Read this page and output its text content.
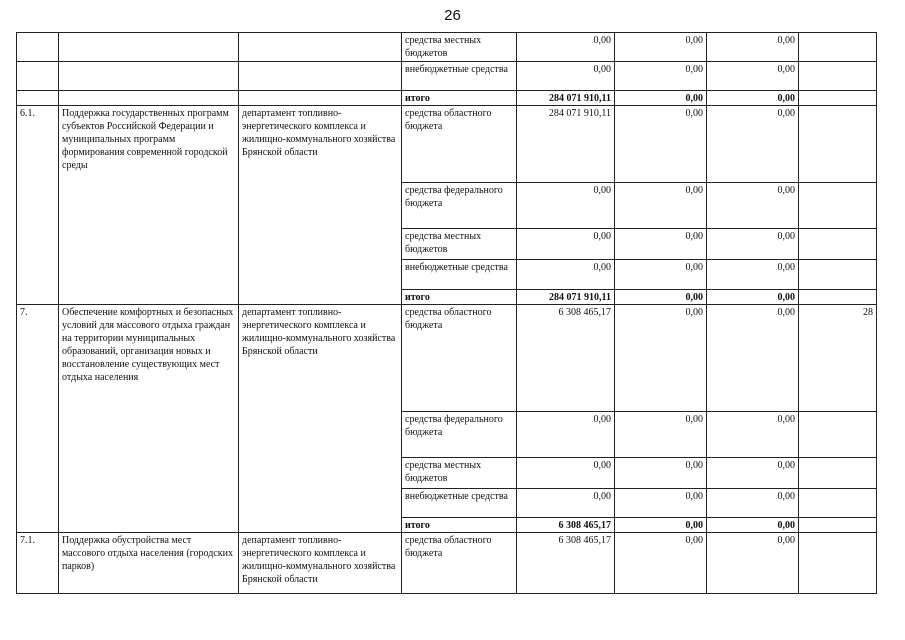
26
			средства местных бюджетов	0,00	0,00	0,00	
			внебюджетные средства	0,00	0,00	0,00	
			итого	284 071 910,11	0,00	0,00	
6.1.	Поддержка государственных программ субъектов Российской Федерации и муниципальных программ формирования современной городской среды	департамент топливно-энергетического комплекса и жилищно-коммунального хозяйства Брянской области	средства областного бюджета	284 071 910,11	0,00	0,00	
			средства федерального бюджета	0,00	0,00	0,00	
			средства местных бюджетов	0,00	0,00	0,00	
			внебюджетные средства	0,00	0,00	0,00	
			итого	284 071 910,11	0,00	0,00	
7.	Обеспечение комфортных и безопасных условий для массового отдыха граждан на территории муниципальных образований, организация новых и восстановление существующих мест отдыха населения	департамент топливно-энергетического комплекса и жилищно-коммунального хозяйства Брянской области	средства областного бюджета	6 308 465,17	0,00	0,00	28
			средства федерального бюджета	0,00	0,00	0,00	
			средства местных бюджетов	0,00	0,00	0,00	
			внебюджетные средства	0,00	0,00	0,00	
			итого	6 308 465,17	0,00	0,00	
7.1.	Поддержка обустройства мест массового отдыха населения (городских парков)	департамент топливно-энергетического комплекса и жилищно-коммунального хозяйства Брянской области	средства областного бюджета	6 308 465,17	0,00	0,00	
